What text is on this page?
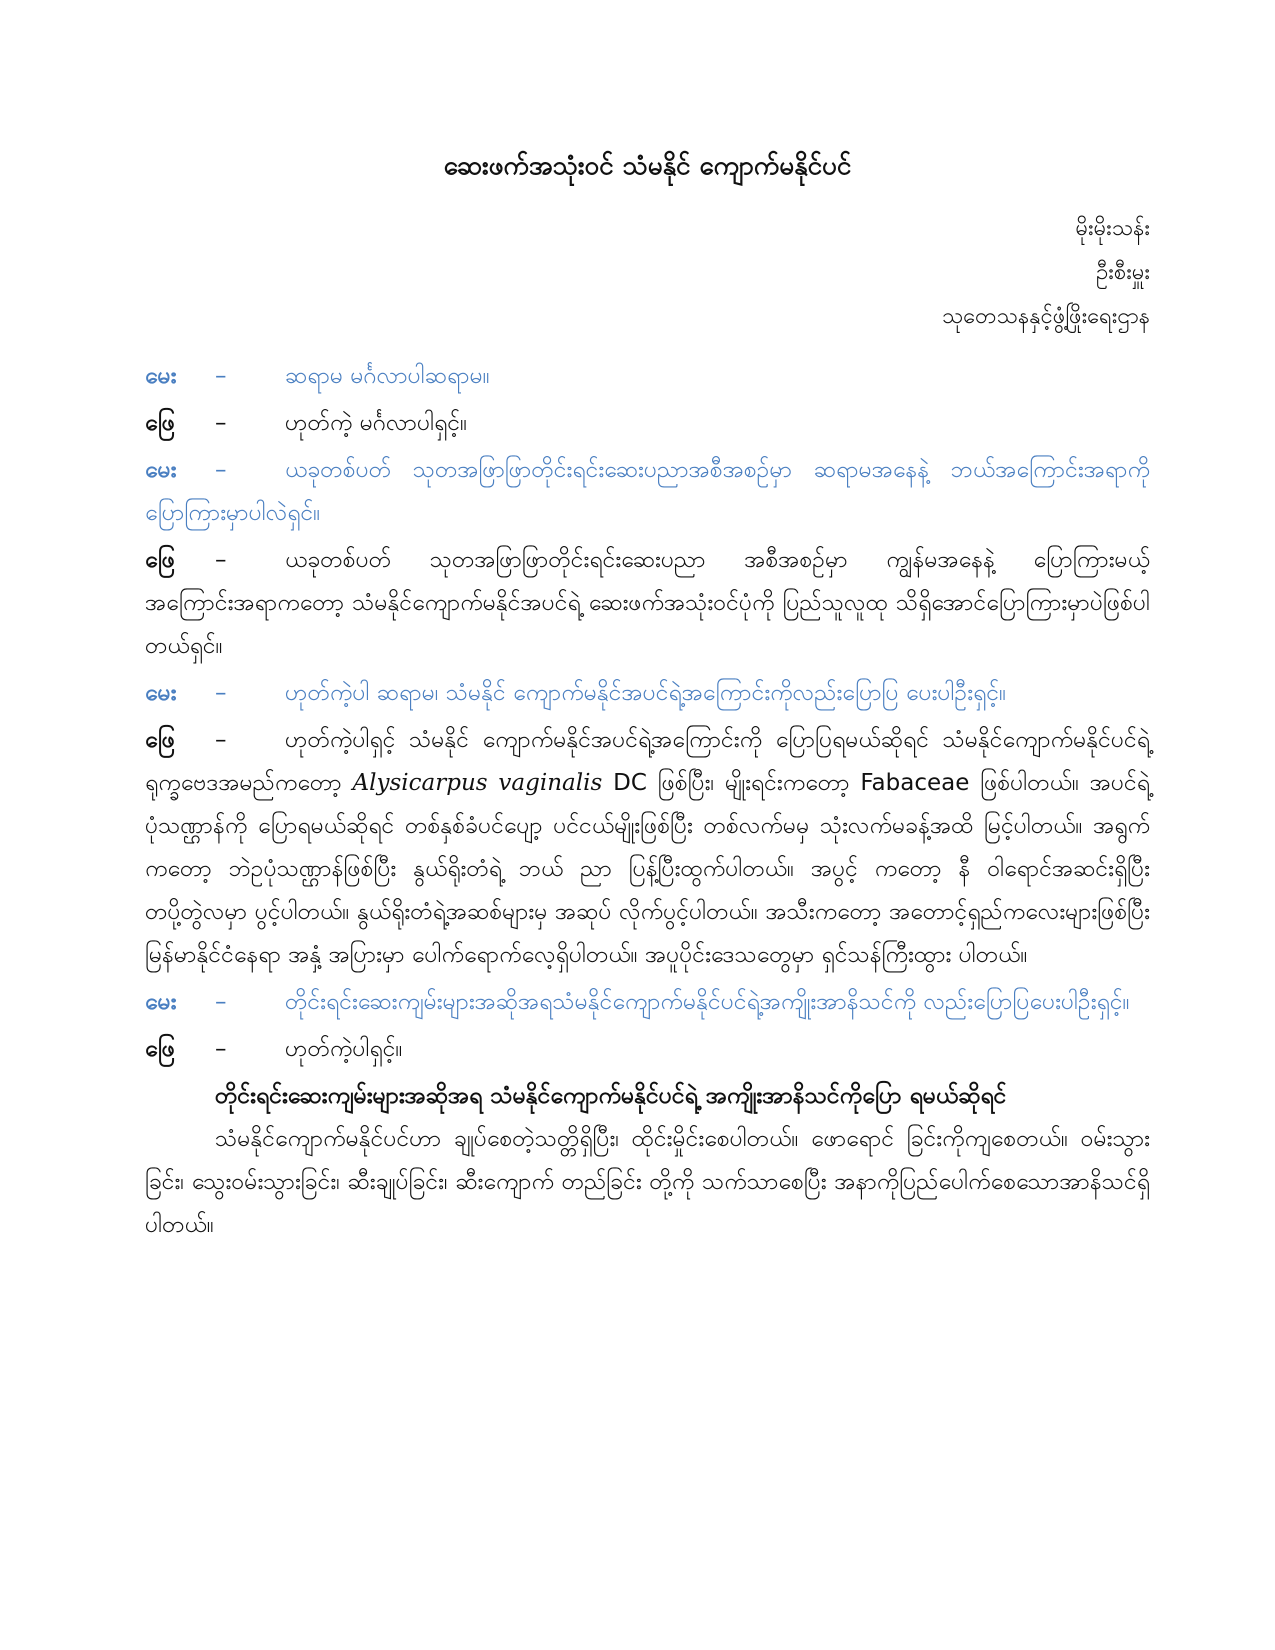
ဆေးဖက်အသုံးဝင် သံမနိုင် ကျောက်မနိုင်ပင်
မိုးမိုးသန်း
ဦးစီးမှူး
သုတေသနနှင့်ဖွံ့ဖြိုးရေးဌာန

မေး –	ဆရာမ မင်္ဂလာပါဆရာမ။

ဖြေ –	ဟုတ်ကဲ့ မင်္ဂလာပါရှင့်။

မေး –	ယခုတစ်ပတ် သုတအဖြာဖြာတိုင်းရင်းဆေးပညာအစီအစဉ်မှာ ဆရာမအနေနဲ့ ဘယ်အကြောင်းအရာကို ပြောကြားမှာပါလဲရှင်။

ဖြေ –	ယခုတစ်ပတ် သုတအဖြာဖြာတိုင်းရင်းဆေးပညာ အစီအစဉ်မှာ ကျွန်မအနေနဲ့ ပြောကြားမယ့်အကြောင်းအရာကတော့ သံမနိုင်ကျောက်မနိုင်အပင်ရဲ့ ဆေးဖက်အသုံးဝင်ပုံကို ပြည်သူလူထု သိရှိအောင်ပြောကြားမှာပဲဖြစ်ပါတယ်ရှင်။

မေး –	ဟုတ်ကဲ့ပါ ဆရာမ၊ သံမနိုင် ကျောက်မနိုင်အပင်ရဲ့အကြောင်းကိုလည်းပြောပြ ပေးပါဦးရှင့်။

ဖြေ –	ဟုတ်ကဲ့ပါရှင့် သံမနိုင် ကျောက်မနိုင်အပင်ရဲ့အကြောင်းကို ပြောပြရမယ်ဆိုရင် သံမနိုင်ကျောက်မနိုင်ပင်ရဲ့ ရုက္ခဗေဒအမည်ကတော့ Alysicarpus vaginalis DC ဖြစ်ပြီး၊ မျိုးရင်းကတော့ Fabaceae ဖြစ်ပါတယ်။ အပင်ရဲ့ပုံသဏ္ဌာန်ကို ပြောရမယ်ဆိုရင် တစ်နှစ်ခံပင်ပျော့ ပင်ငယ်မျိုးဖြစ်ပြီး တစ်လက်မမှ သုံးလက်မခန့်အထိ မြင့်ပါတယ်။ အရွက်ကတော့ ဘဲဥပုံသဏ္ဌာန်ဖြစ်ပြီး နွယ်ရိုးတံရဲ့ ဘယ် ညာ ပြန့်ပြီးထွက်ပါတယ်။ အပွင့် ကတော့ နီ ဝါရောင်အဆင်းရှိပြီး တပို့တွဲလမှာ ပွင့်ပါတယ်။ နွယ်ရိုးတံရဲ့အဆစ်များမှ အဆုပ် လိုက်ပွင့်ပါတယ်။ အသီးကတော့ အတောင့်ရှည်ကလေးများဖြစ်ပြီး မြန်မာနိုင်ငံနေရာ အနှံ့ အပြားမှာ ပေါက်ရောက်လေ့ရှိပါတယ်။ အပူပိုင်းဒေသတွေမှာ ရှင်သန်ကြီးထွား ပါတယ်။

မေး –	တိုင်းရင်းဆေးကျမ်းများအဆိုအရသံမနိုင်ကျောက်မနိုင်ပင်ရဲ့အကျိုးအာနိသင်ကို လည်းပြောပြပေးပါဦးရှင့်။

ဖြေ –	ဟုတ်ကဲ့ပါရှင့်။

တိုင်းရင်းဆေးကျမ်းများအဆိုအရ သံမနိုင်ကျောက်မနိုင်ပင်ရဲ့ အကျိုးအာနိသင်ကိုပြော ရမယ်ဆိုရင်

သံမနိုင်ကျောက်မနိုင်ပင်ဟာ ချုပ်စေတဲ့သတ္တိရှိပြီး၊ ထိုင်းမှိုင်းစေပါတယ်။ ဖောရောင် ခြင်းကိုကျစေတယ်။ ဝမ်းသွားခြင်း၊ သွေးဝမ်းသွားခြင်း၊ ဆီးချုပ်ခြင်း၊ ဆီးကျောက် တည်ခြင်း တို့ကို သက်သာစေပြီး အနာကိုပြည်ပေါက်စေသောအာနိသင်ရှိပါတယ်။
